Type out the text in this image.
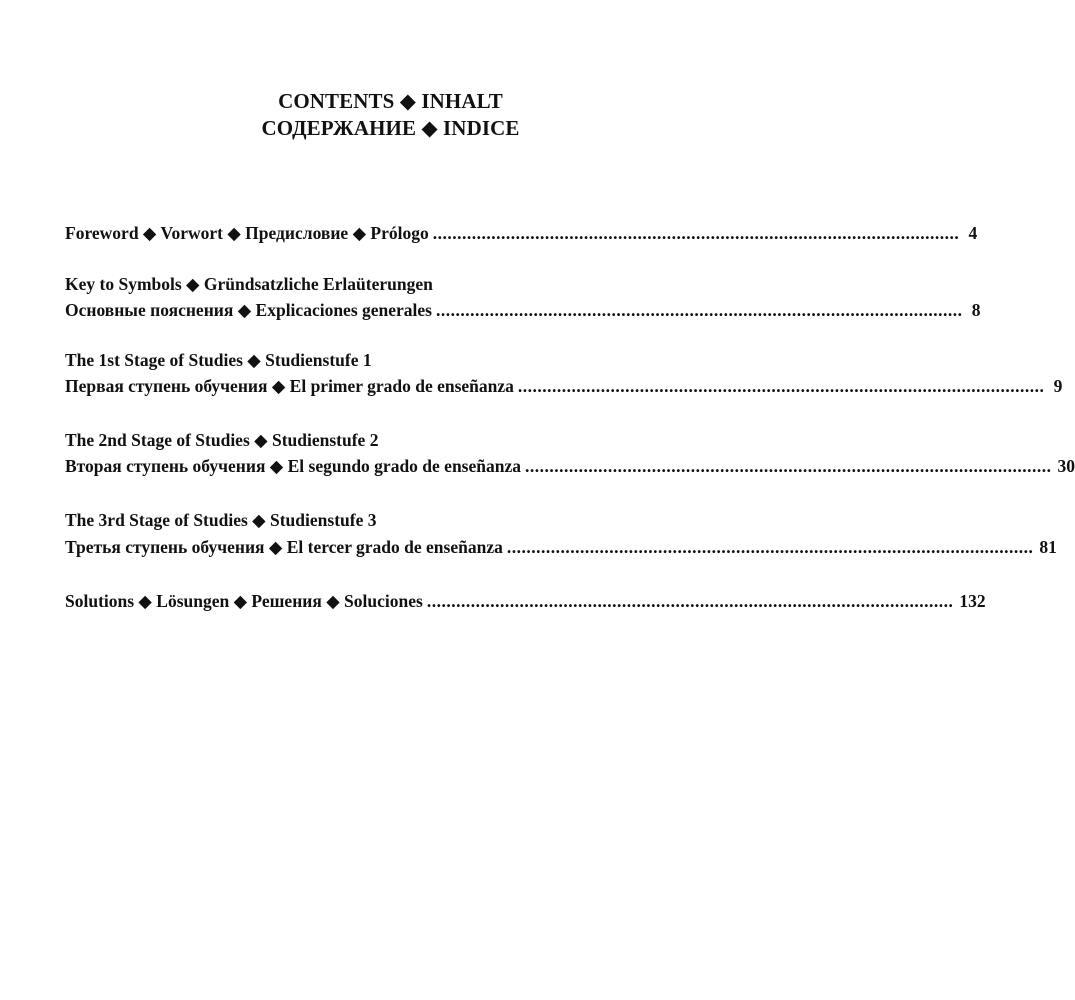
CONTENTS ◆ INHALT
СОДЕРЖАНИЕ ◆ INDICE
Foreword ◆ Vorwort ◆ Предисловие ◆ Prólogo ............................................................................................................ 4
Key to Symbols ◆ Gründsatzliche Erlaüterungen
Основные пояснения ◆ Explicaciones generales ............................................................................................................ 8
The 1st Stage of Studies ◆ Studienstufe 1
Первая ступень обучения ◆ El primer grado de enseñanza ............................................................................................................ 9
The 2nd Stage of Studies ◆ Studienstufe 2
Вторая ступень обучения ◆ El segundo grado de enseñanza ............................................................................................................ 30
The 3rd Stage of Studies ◆ Studienstufe 3
Третья ступень обучения ◆ El tercer grado de enseñanza ............................................................................................................ 81
Solutions ◆ Lösungen ◆ Решения ◆ Soluciones ............................................................................................................ 132
